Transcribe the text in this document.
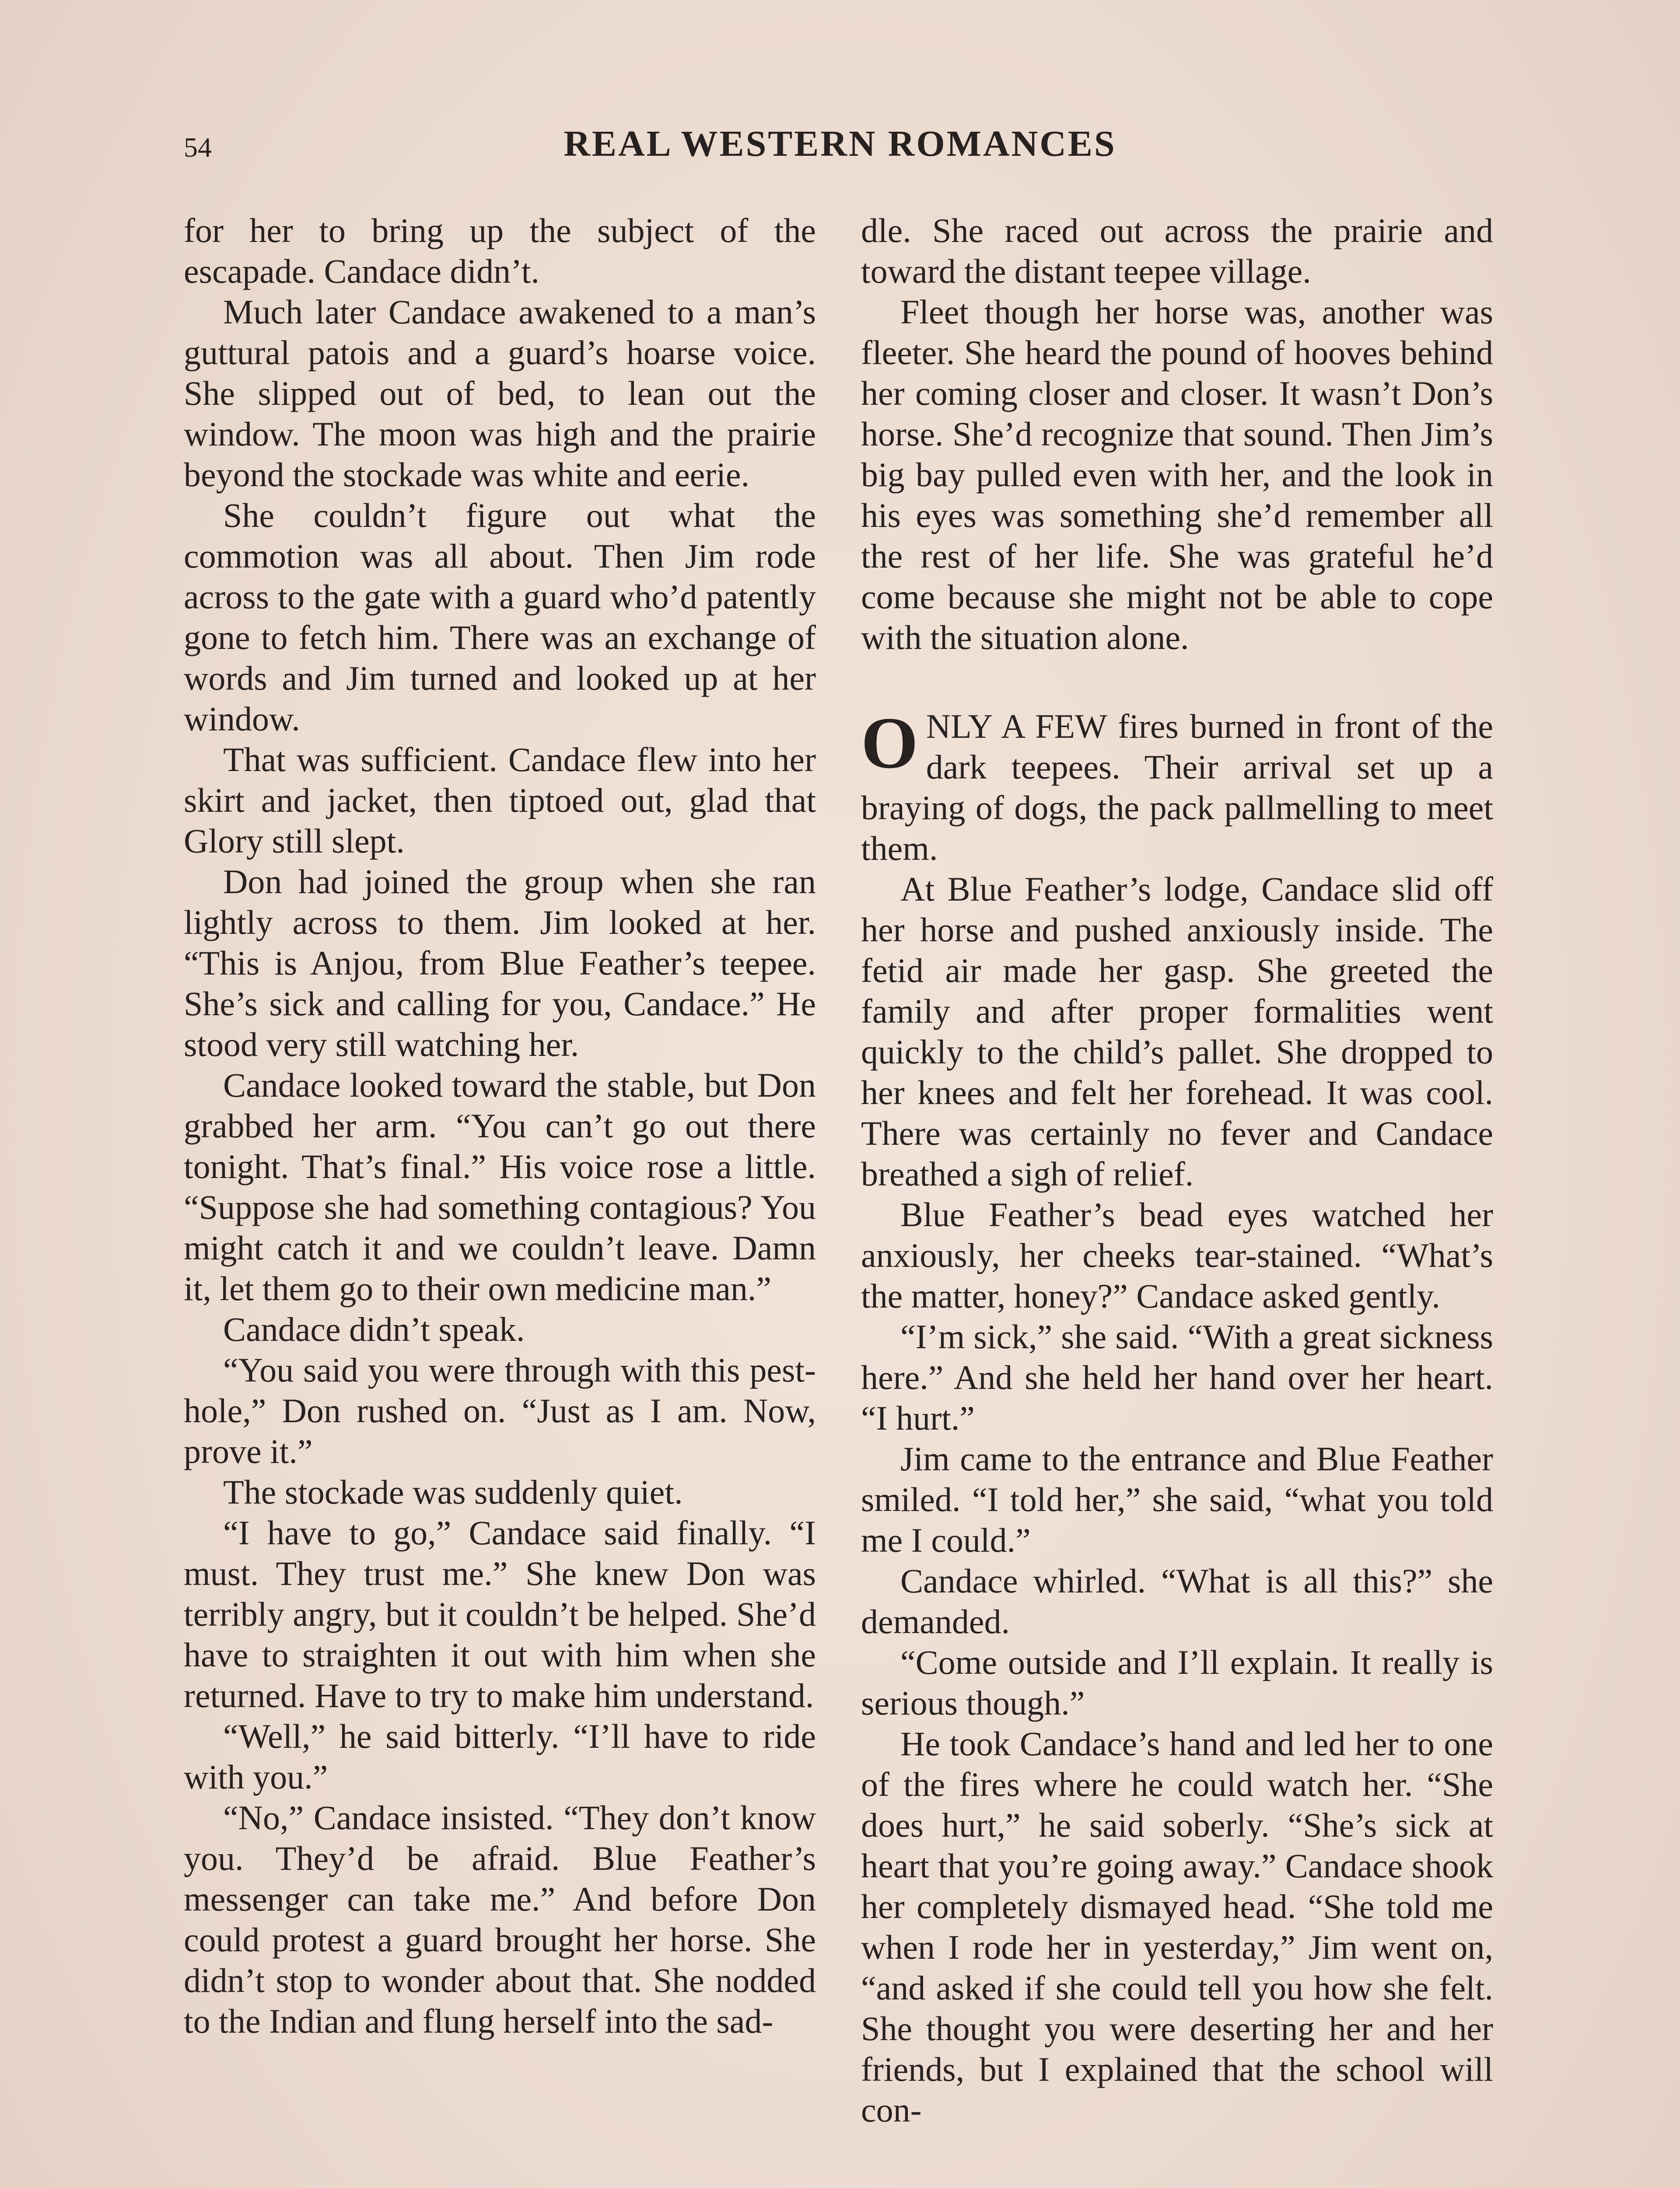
54	REAL WESTERN ROMANCES

for her to bring up the subject of the escapade. Candace didn’t.

Much later Candace awakened to a man’s guttural patois and a guard’s hoarse voice. She slipped out of bed, to lean out the window. The moon was high and the prairie beyond the stockade was white and eerie.

She couldn’t figure out what the commotion was all about. Then Jim rode across to the gate with a guard who’d patently gone to fetch him. There was an exchange of words and Jim turned and looked up at her window.

That was sufficient. Candace flew into her skirt and jacket, then tiptoed out, glad that Glory still slept.

Don had joined the group when she ran lightly across to them. Jim looked at her. “This is Anjou, from Blue Feather’s teepee. She’s sick and calling for you, Candace.” He stood very still watching her.

Candace looked toward the stable, but Don grabbed her arm. “You can’t go out there tonight. That’s final.” His voice rose a little. “Suppose she had something contagious? You might catch it and we couldn’t leave. Damn it, let them go to their own medicine man.”

Candace didn’t speak.

“You said you were through with this pest-hole,” Don rushed on. “Just as I am. Now, prove it.”

The stockade was suddenly quiet.

“I have to go,” Candace said finally. “I must. They trust me.” She knew Don was terribly angry, but it couldn’t be helped. She’d have to straighten it out with him when she returned. Have to try to make him understand.

“Well,” he said bitterly. “I’ll have to ride with you.”

“No,” Candace insisted. “They don’t know you. They’d be afraid. Blue Feather’s messenger can take me.” And before Don could protest a guard brought her horse. She didn’t stop to wonder about that. She nodded to the Indian and flung herself into the sad-

dle. She raced out across the prairie and toward the distant teepee village.

Fleet though her horse was, another was fleeter. She heard the pound of hooves behind her coming closer and closer. It wasn’t Don’s horse. She’d recognize that sound. Then Jim’s big bay pulled even with her, and the look in his eyes was something she’d remember all the rest of her life. She was grateful he’d come because she might not be able to cope with the situation alone.

ONLY A FEW fires burned in front of the dark teepees. Their arrival set up a braying of dogs, the pack pallmelling to meet them.

At Blue Feather’s lodge, Candace slid off her horse and pushed anxiously inside. The fetid air made her gasp. She greeted the family and after proper formalities went quickly to the child’s pallet. She dropped to her knees and felt her forehead. It was cool. There was certainly no fever and Candace breathed a sigh of relief.

Blue Feather’s bead eyes watched her anxiously, her cheeks tear-stained. “What’s the matter, honey?” Candace asked gently.

“I’m sick,” she said. “With a great sickness here.” And she held her hand over her heart. “I hurt.”

Jim came to the entrance and Blue Feather smiled. “I told her,” she said, “what you told me I could.”

Candace whirled. “What is all this?” she demanded.

“Come outside and I’ll explain. It really is serious though.”

He took Candace’s hand and led her to one of the fires where he could watch her. “She does hurt,” he said soberly. “She’s sick at heart that you’re going away.” Candace shook her completely dismayed head. “She told me when I rode her in yesterday,” Jim went on, “and asked if she could tell you how she felt. She thought you were deserting her and her friends, but I explained that the school will con-
